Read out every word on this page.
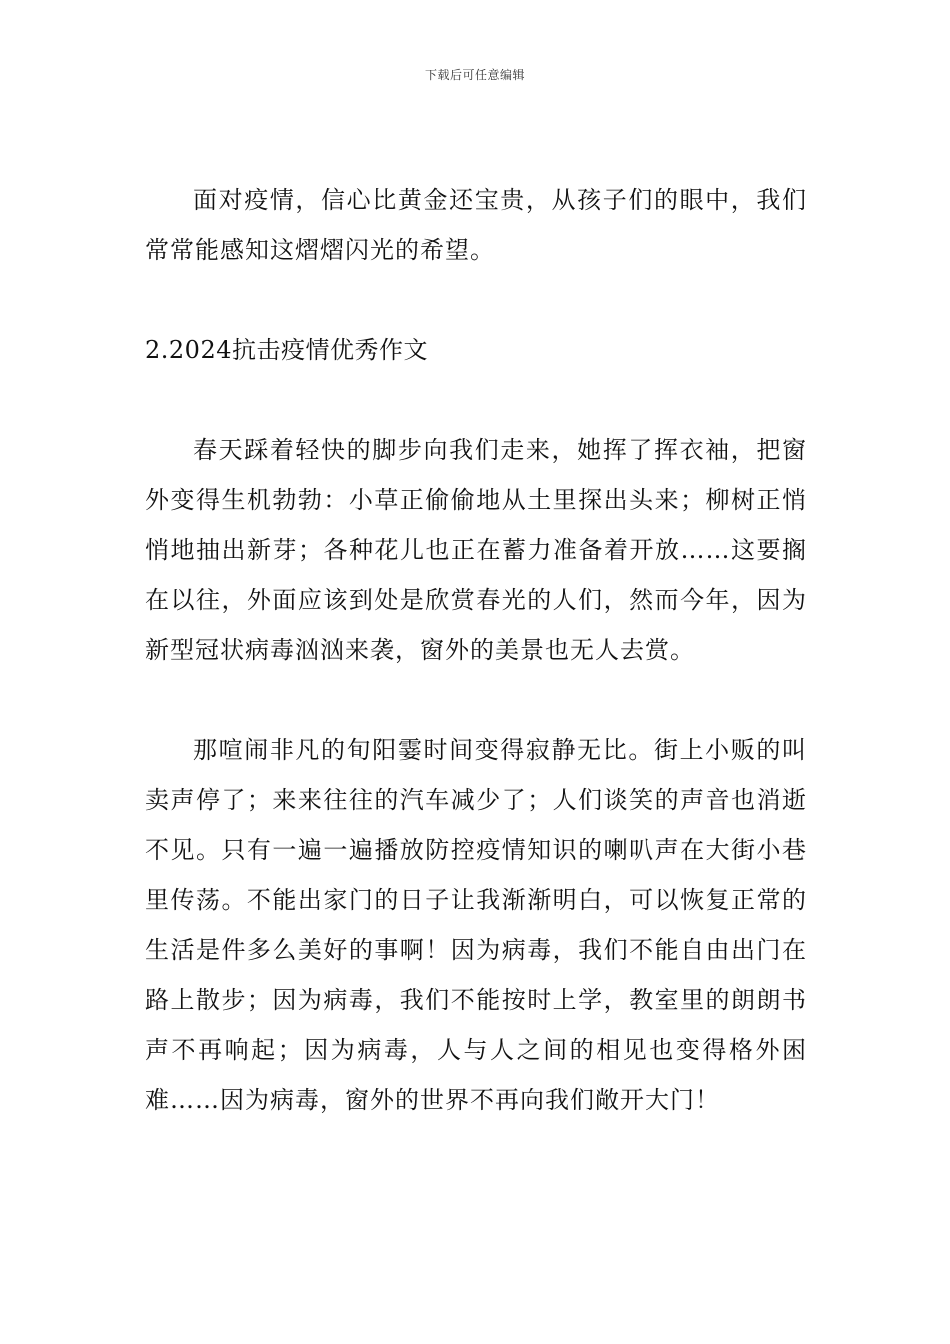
下载后可任意编辑

面对疫情，信心比黄金还宝贵，从孩子们的眼中，我们常常能感知这熠熠闪光的希望。

2.2024抗击疫情优秀作文

春天踩着轻快的脚步向我们走来，她挥了挥衣袖，把窗外变得生机勃勃：小草正偷偷地从土里探出头来；柳树正悄悄地抽出新芽；各种花儿也正在蓄力准备着开放……这要搁在以往，外面应该到处是欣赏春光的人们，然而今年，因为新型冠状病毒汹汹来袭，窗外的美景也无人去赏。

那喧闹非凡的旬阳霎时间变得寂静无比。街上小贩的叫卖声停了；来来往往的汽车减少了；人们谈笑的声音也消逝不见。只有一遍一遍播放防控疫情知识的喇叭声在大街小巷里传荡。不能出家门的日子让我渐渐明白，可以恢复正常的生活是件多么美好的事啊！因为病毒，我们不能自由出门在路上散步；因为病毒，我们不能按时上学，教室里的朗朗书声不再响起；因为病毒，人与人之间的相见也变得格外困难……因为病毒，窗外的世界不再向我们敞开大门！
